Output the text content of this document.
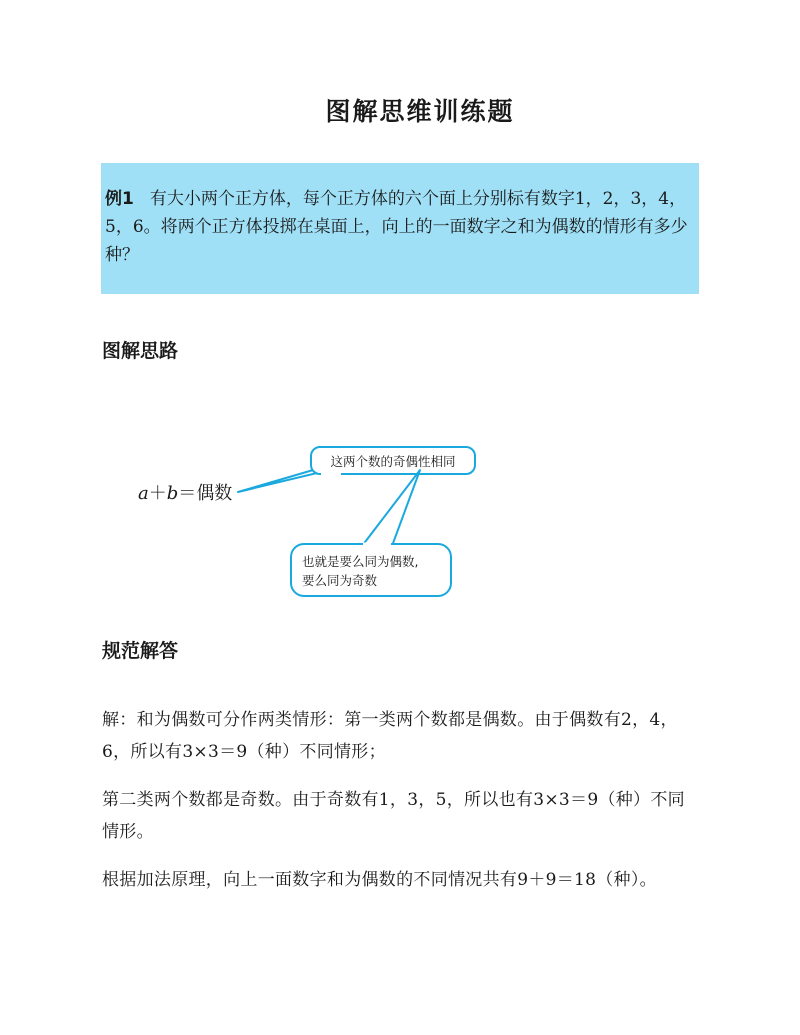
图解思维训练题
例1 有大小两个正方体，每个正方体的六个面上分别标有数字1，2，3，4，5，6。将两个正方体投掷在桌面上，向上的一面数字之和为偶数的情形有多少种？
图解思路
a＋b＝偶数
这两个数的奇偶性相同
也就是要么同为偶数,
要么同为奇数
规范解答

解：和为偶数可分作两类情形：第一类两个数都是偶数。由于偶数有2，4，6，所以有3×3＝9（种）不同情形；

第二类两个数都是奇数。由于奇数有1，3，5，所以也有3×3＝9（种）不同情形。

根据加法原理，向上一面数字和为偶数的不同情况共有9＋9＝18（种）。
